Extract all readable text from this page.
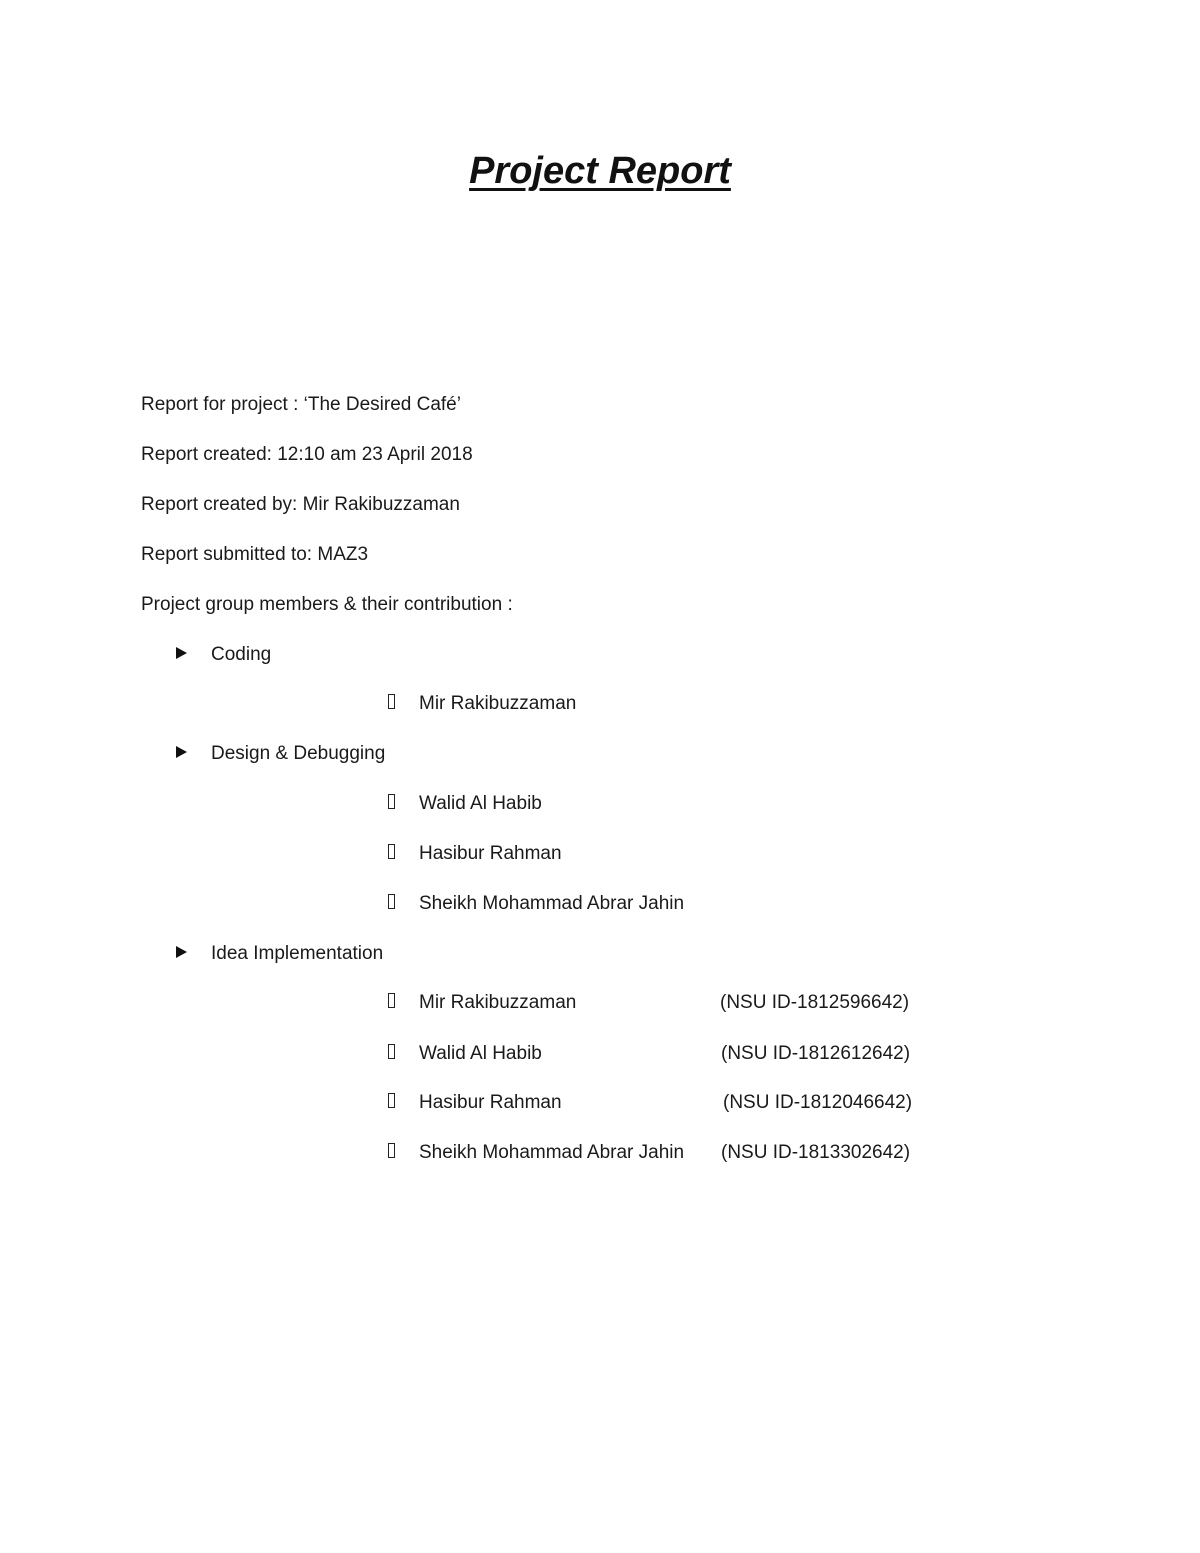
Project Report
Report for project : ‘The Desired Café’
Report created: 12:10 am 23 April 2018
Report created by: Mir Rakibuzzaman
Report submitted to: MAZ3
Project group members & their contribution :
Coding
Mir Rakibuzzaman
Design & Debugging
Walid Al Habib
Hasibur Rahman
Sheikh Mohammad Abrar Jahin
Idea Implementation
Mir Rakibuzzaman	(NSU ID-1812596642)
Walid Al Habib	(NSU ID-1812612642)
Hasibur Rahman	(NSU ID-1812046642)
Sheikh Mohammad Abrar Jahin (NSU ID-1813302642)
